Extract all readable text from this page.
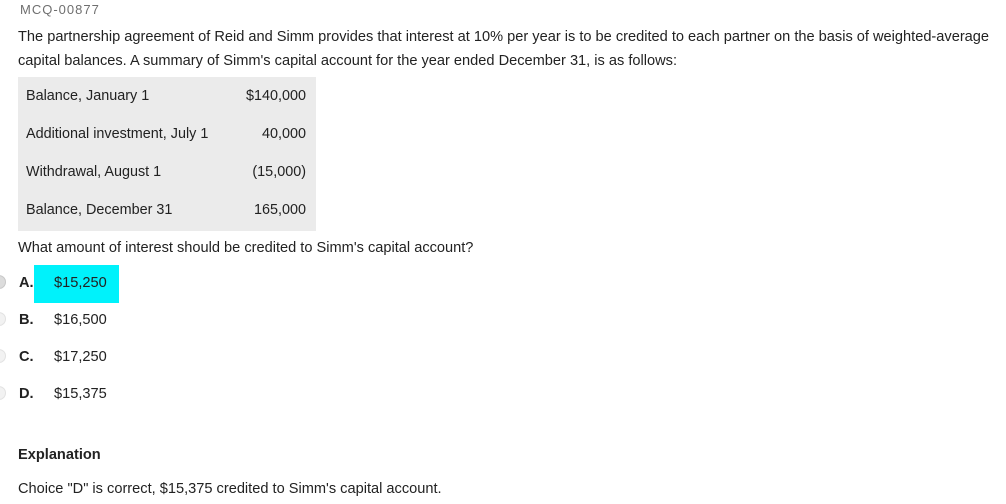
MCQ-00877
The partnership agreement of Reid and Simm provides that interest at 10% per year is to be credited to each partner on the basis of weighted-average capital balances. A summary of Simm's capital account for the year ended December 31, is as follows:
Balance, January 1	$140,000
Additional investment, July 1	40,000
Withdrawal, August 1	(15,000)
Balance, December 31	165,000
What amount of interest should be credited to Simm's capital account?
A. $15,250
B. $16,500
C. $17,250
D. $15,375
Explanation
Choice "D" is correct, $15,375 credited to Simm's capital account.
